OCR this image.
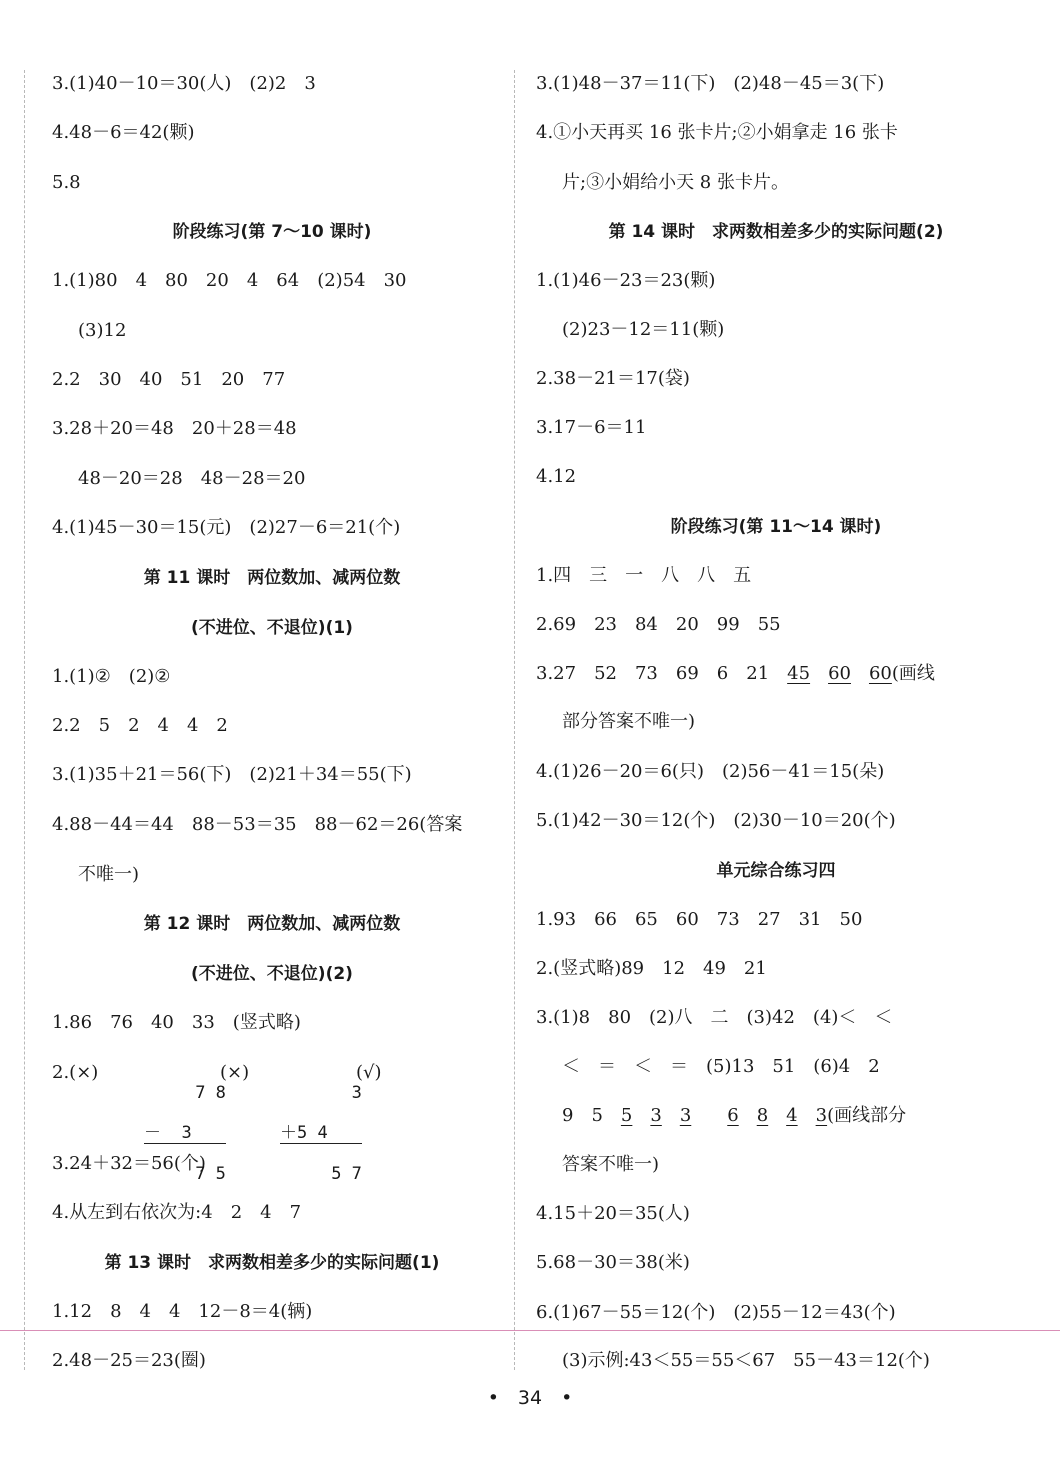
3.(1)40－10＝30(人)　(2)2　3
4.48－6＝42(颗)
5.8
阶段练习(第 7～10 课时)
1.(1)80　4　80　20　4　64　(2)54　30
(3)12
2.2　30　40　51　20　77
3.28＋20＝48　20＋28＝48
48－20＝28　48－28＝20
4.(1)45－30＝15(元)　(2)27－6＝21(个)
第 11 课时　两位数加、减两位数
(不进位、不退位)(1)
1.(1)②　(2)②
2.2　5　2　4　4　2
3.(1)35＋21＝56(下)　(2)21＋34＝55(下)
4.88－44＝44　88－53＝35　88－62＝26(答案
不唯一)
第 12 课时　两位数加、减两位数
(不进位、不退位)(2)
1.86　76　40　33　(竖式略)
2.(×)

7 8

－  3

7 5

(×)

3

＋5 4

5 7

(√)
3.24＋32＝56(个)
4.从左到右依次为:4　2　4　7
第 13 课时　求两数相差多少的实际问题(1)
1.12　8　4　4　12－8＝4(辆)
2.48－25＝23(圈)
3.(1)48－37＝11(下)　(2)48－45＝3(下)
4.①小天再买 16 张卡片;②小娟拿走 16 张卡
片;③小娟给小天 8 张卡片。
第 14 课时　求两数相差多少的实际问题(2)
1.(1)46－23＝23(颗)
(2)23－12＝11(颗)
2.38－21＝17(袋)
3.17－6＝11
4.12
阶段练习(第 11～14 课时)
1.四　三　一　八　八　五
2.69　23　84　20　99　55
3.27　52　73　69　6　21　45　 60　 60(画线
部分答案不唯一)
4.(1)26－20＝6(只)　(2)56－41＝15(朵)
5.(1)42－30＝12(个)　(2)30－10＝20(个)
单元综合练习四
1.93　66　65　60　73　27　31　50
2.(竖式略)89　12　49　21
3.(1)8　80　(2)八　二　(3)42　(4)＜　＜
＜　＝　＜　＝　(5)13　51　(6)4　2
9　5　5　 3　 3　　 6　 8　 4　 3(画线部分
答案不唯一)
4.15＋20＝35(人)
5.68－30＝38(米)
6.(1)67－55＝12(个)　(2)55－12＝43(个)
(3)示例:43＜55＝55＜67　55－43＝12(个)
•　34　•
